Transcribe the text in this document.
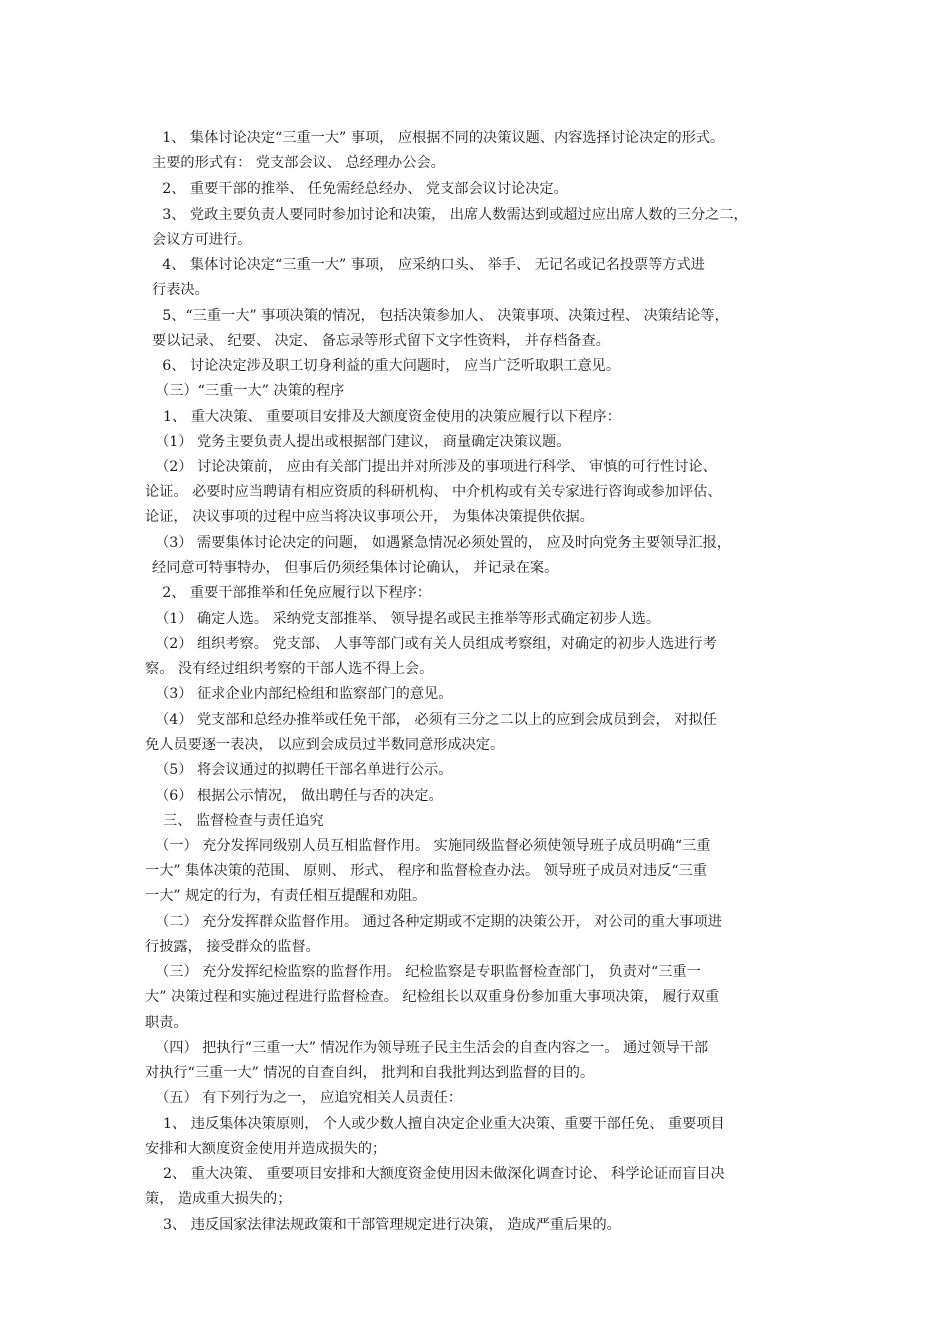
　1、 集体讨论决定“三重一大” 事项， 应根据不同的决策议题、内容选择讨论决定的形式。
主要的形式有： 党支部会议、 总经理办公会。
　2、 重要干部的推举、 任免需经总经办、 党支部会议讨论决定。
　3、 党政主要负责人要同时参加讨论和决策， 出席人数需达到或超过应出席人数的三分之二，
会议方可进行。
　4、 集体讨论决定“三重一大” 事项， 应采纳口头、 举手、 无记名或记名投票等方式进
行表决。
　5、“三重一大” 事项决策的情况， 包括决策参加人、 决策事项、决策过程、 决策结论等，
要以记录、 纪要、 决定、 备忘录等形式留下文字性资料， 并存档备查。
　6、 讨论决定涉及职工切身利益的重大问题时， 应当广泛听取职工意见。
　（三）“三重一大” 决策的程序
1、 重大决策、 重要项目安排及大额度资金使用的决策应履行以下程序：
　（1） 党务主要负责人提出或根据部门建议， 商量确定决策议题。
　（2） 讨论决策前， 应由有关部门提出并对所涉及的事项进行科学、 审慎的可行性讨论、
论证。 必要时应当聘请有相应资质的科研机构、 中介机构或有关专家进行咨询或参加评估、
论证， 决议事项的过程中应当将决议事项公开， 为集体决策提供依据。
　（3） 需要集体讨论决定的问题， 如遇紧急情况必须处置的， 应及时向党务主要领导汇报，
经同意可特事特办， 但事后仍须经集体讨论确认， 并记录在案。
　2、 重要干部推举和任免应履行以下程序：
　（1） 确定人选。 采纳党支部推举、 领导提名或民主推举等形式确定初步人选。
　（2） 组织考察。 党支部、 人事等部门或有关人员组成考察组，对确定的初步人选进行考
察。 没有经过组织考察的干部人选不得上会。
　（3） 征求企业内部纪检组和监察部门的意见。
　（4） 党支部和总经办推举或任免干部， 必须有三分之二以上的应到会成员到会， 对拟任
免人员要逐一表决， 以应到会成员过半数同意形成决定。
　（5） 将会议通过的拟聘任干部名单进行公示。
　（6） 根据公示情况， 做出聘任与否的决定。
三、 监督检查与责任追究
　（一） 充分发挥同级别人员互相监督作用。 实施同级监督必须使领导班子成员明确“三重
一大” 集体决策的范围、 原则、 形式、 程序和监督检查办法。 领导班子成员对违反“三重
一大” 规定的行为，有责任相互提醒和劝阻。
　（二） 充分发挥群众监督作用。 通过各种定期或不定期的决策公开， 对公司的重大事项进
行披露， 接受群众的监督。
　（三） 充分发挥纪检监察的监督作用。 纪检监察是专职监督检查部门， 负责对“三重一
大” 决策过程和实施过程进行监督检查。 纪检组长以双重身份参加重大事项决策， 履行双重
职责。
　（四） 把执行“三重一大” 情况作为领导班子民主生活会的自查内容之一。 通过领导干部
对执行“三重一大” 情况的自查自纠， 批判和自我批判达到监督的目的。
　（五） 有下列行为之一， 应追究相关人员责任：
1、 违反集体决策原则， 个人或少数人擅自决定企业重大决策、重要干部任免、 重要项目
安排和大额度资金使用并造成损失的；
2、 重大决策、 重要项目安排和大额度资金使用因未做深化调查讨论、 科学论证而盲目决
策， 造成重大损失的；
3、 违反国家法律法规政策和干部管理规定进行决策， 造成严重后果的。
